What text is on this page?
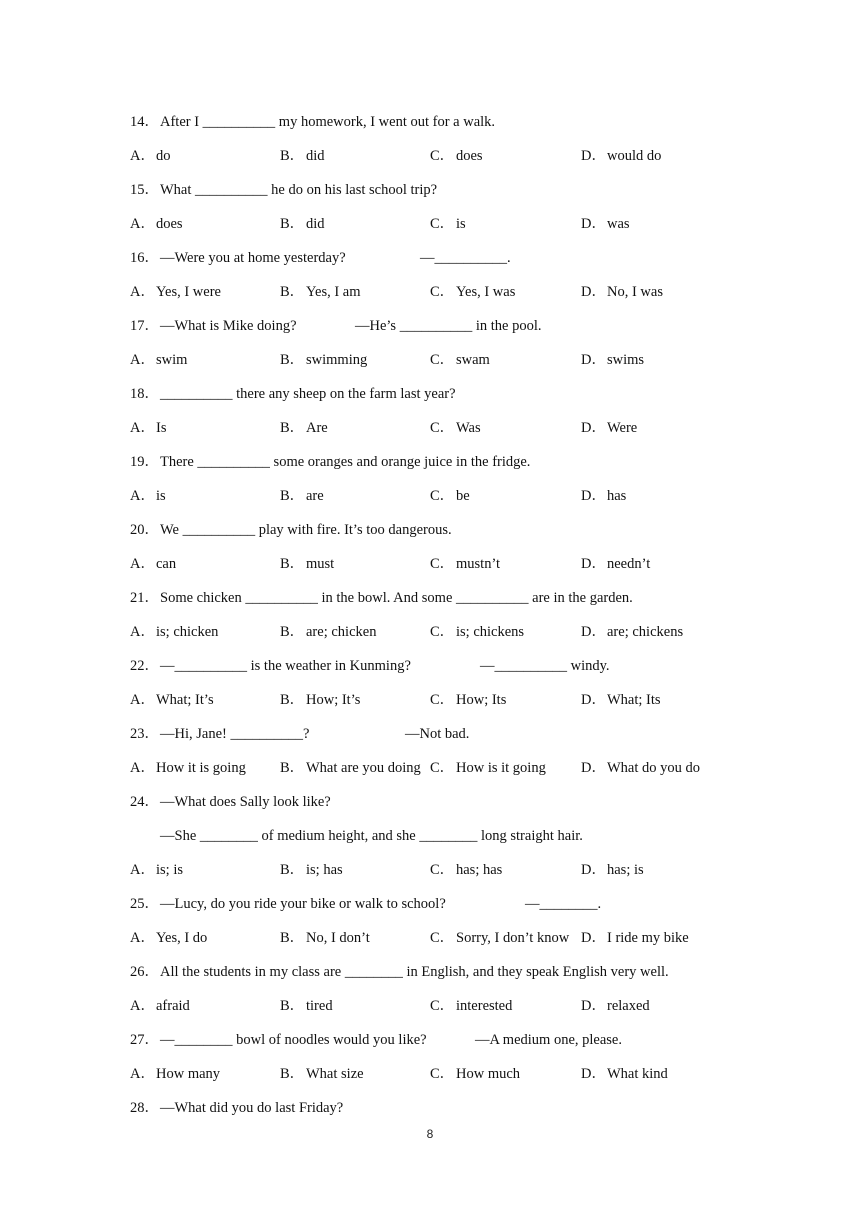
14．After I __________ my homework, I went out for a walk.
A．do	B． did	C． does	D．would do
15．What __________ he do on his last school trip?
A．does	B． did	C． is	D．was
16．—Were you at home yesterday?	—__________.
A．Yes, I were	B． Yes, I am	C． Yes, I was	D．No, I was
17．—What is Mike doing?	—He’s __________ in the pool.
A．swim	B． swimming	C． swam	D．swims
18．__________ there any sheep on the farm last year?
A．Is	B． Are	C． Was	D．Were
19．There __________ some oranges and orange juice in the fridge.
A．is	B． are	C． be	D．has
20．We __________ play with fire. It’s too dangerous.
A．can	B． must	C． mustn’t	D．needn’t
21．Some chicken __________ in the bowl. And some __________ are in the garden.
A．is; chicken	B． are; chicken	C． is; chickens	D．are; chickens
22．—__________ is the weather in Kunming?	—__________ windy.
A．What; It’s	B． How; It’s	C． How; Its	D．What; Its
23．—Hi, Jane! __________?	—Not bad.
A．How it is going B． What are you doing C． How is it going D．What do you do
24．—What does Sally look like?
—She ________ of medium height, and she ________ long straight hair.
A．is; is	B． is; has	C． has; has	D．has; is
25．—Lucy, do you ride your bike or walk to school?	—________.
A．Yes, I do	B． No, I don’t	C． Sorry, I don’t know D．I ride my bike
26．All the students in my class are ________ in English, and they speak English very well.
A．afraid	B． tired	C． interested	D．relaxed
27．—________ bowl of noodles would you like?	—A medium one, please.
A．How many	B． What size	C． How much	D．What kind
28．—What did you do last Friday?
8
